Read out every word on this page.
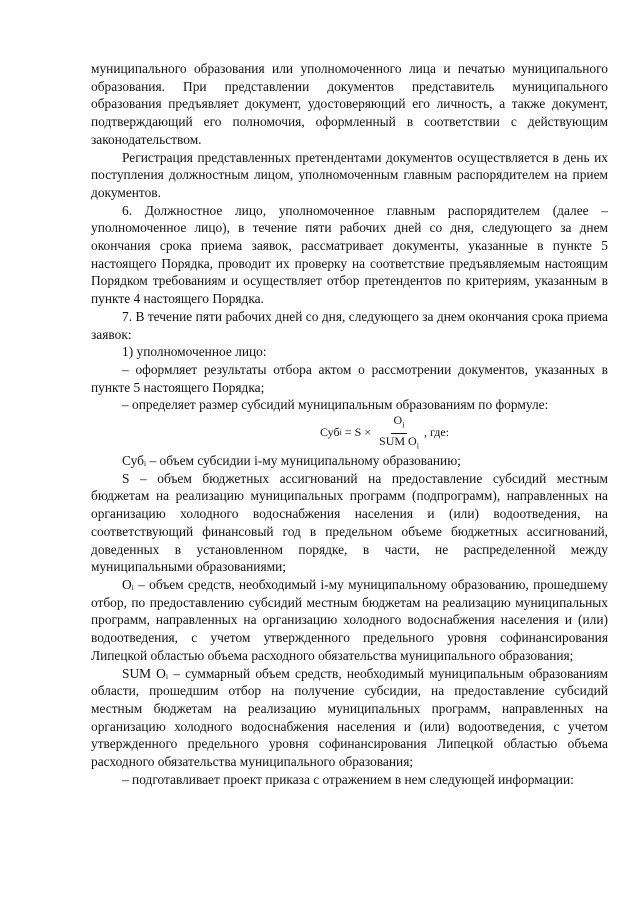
муниципального образования или уполномоченного лица и печатью муниципального образования. При представлении документов представитель муниципального образования предъявляет документ, удостоверяющий его личность, а также документ, подтверждающий его полномочия, оформленный в соответствии с действующим законодательством.

Регистрация представленных претендентами документов осуществляется в день их поступления должностным лицом, уполномоченным главным распорядителем на прием документов.

6. Должностное лицо, уполномоченное главным распорядителем (далее – уполномоченное лицо), в течение пяти рабочих дней со дня, следующего за днем окончания срока приема заявок, рассматривает документы, указанные в пункте 5 настоящего Порядка, проводит их проверку на соответствие предъявляемым настоящим Порядком требованиям и осуществляет отбор претендентов по критериям, указанным в пункте 4 настоящего Порядка.

7. В течение пяти рабочих дней со дня, следующего за днем окончания срока приема заявок:

1) уполномоченное лицо:

– оформляет результаты отбора актом о рассмотрении документов, указанных в пункте 5 настоящего Порядка;

– определяет размер субсидий муниципальным образованиям по формуле:

Суб $i = S \times \frac{O_i}{SUM O_i}$ , где:

Субᵢ – объем субсидии i-му муниципальному образованию;

S – объем бюджетных ассигнований на предоставление субсидий местным бюджетам на реализацию муниципальных программ (подпрограмм), направленных на организацию холодного водоснабжения населения и (или) водоотведения, на соответствующий финансовый год в предельном объеме бюджетных ассигнований, доведенных в установленном порядке, в части, не распределенной между муниципальными образованиями;

Oᵢ – объем средств, необходимый i-му муниципальному образованию, прошедшему отбор, по предоставлению субсидий местным бюджетам на реализацию муниципальных программ, направленных на организацию холодного водоснабжения населения и (или) водоотведения, с учетом утвержденного предельного уровня софинансирования Липецкой областью объема расходного обязательства муниципального образования;

SUM Oᵢ – суммарный объем средств, необходимый муниципальным образованиям области, прошедшим отбор на получение субсидии, на предоставление субсидий местным бюджетам на реализацию муниципальных программ, направленных на организацию холодного водоснабжения населения и (или) водоотведения, с учетом утвержденного предельного уровня софинансирования Липецкой областью объема расходного обязательства муниципального образования;

– подготавливает проект приказа с отражением в нем следующей информации:
